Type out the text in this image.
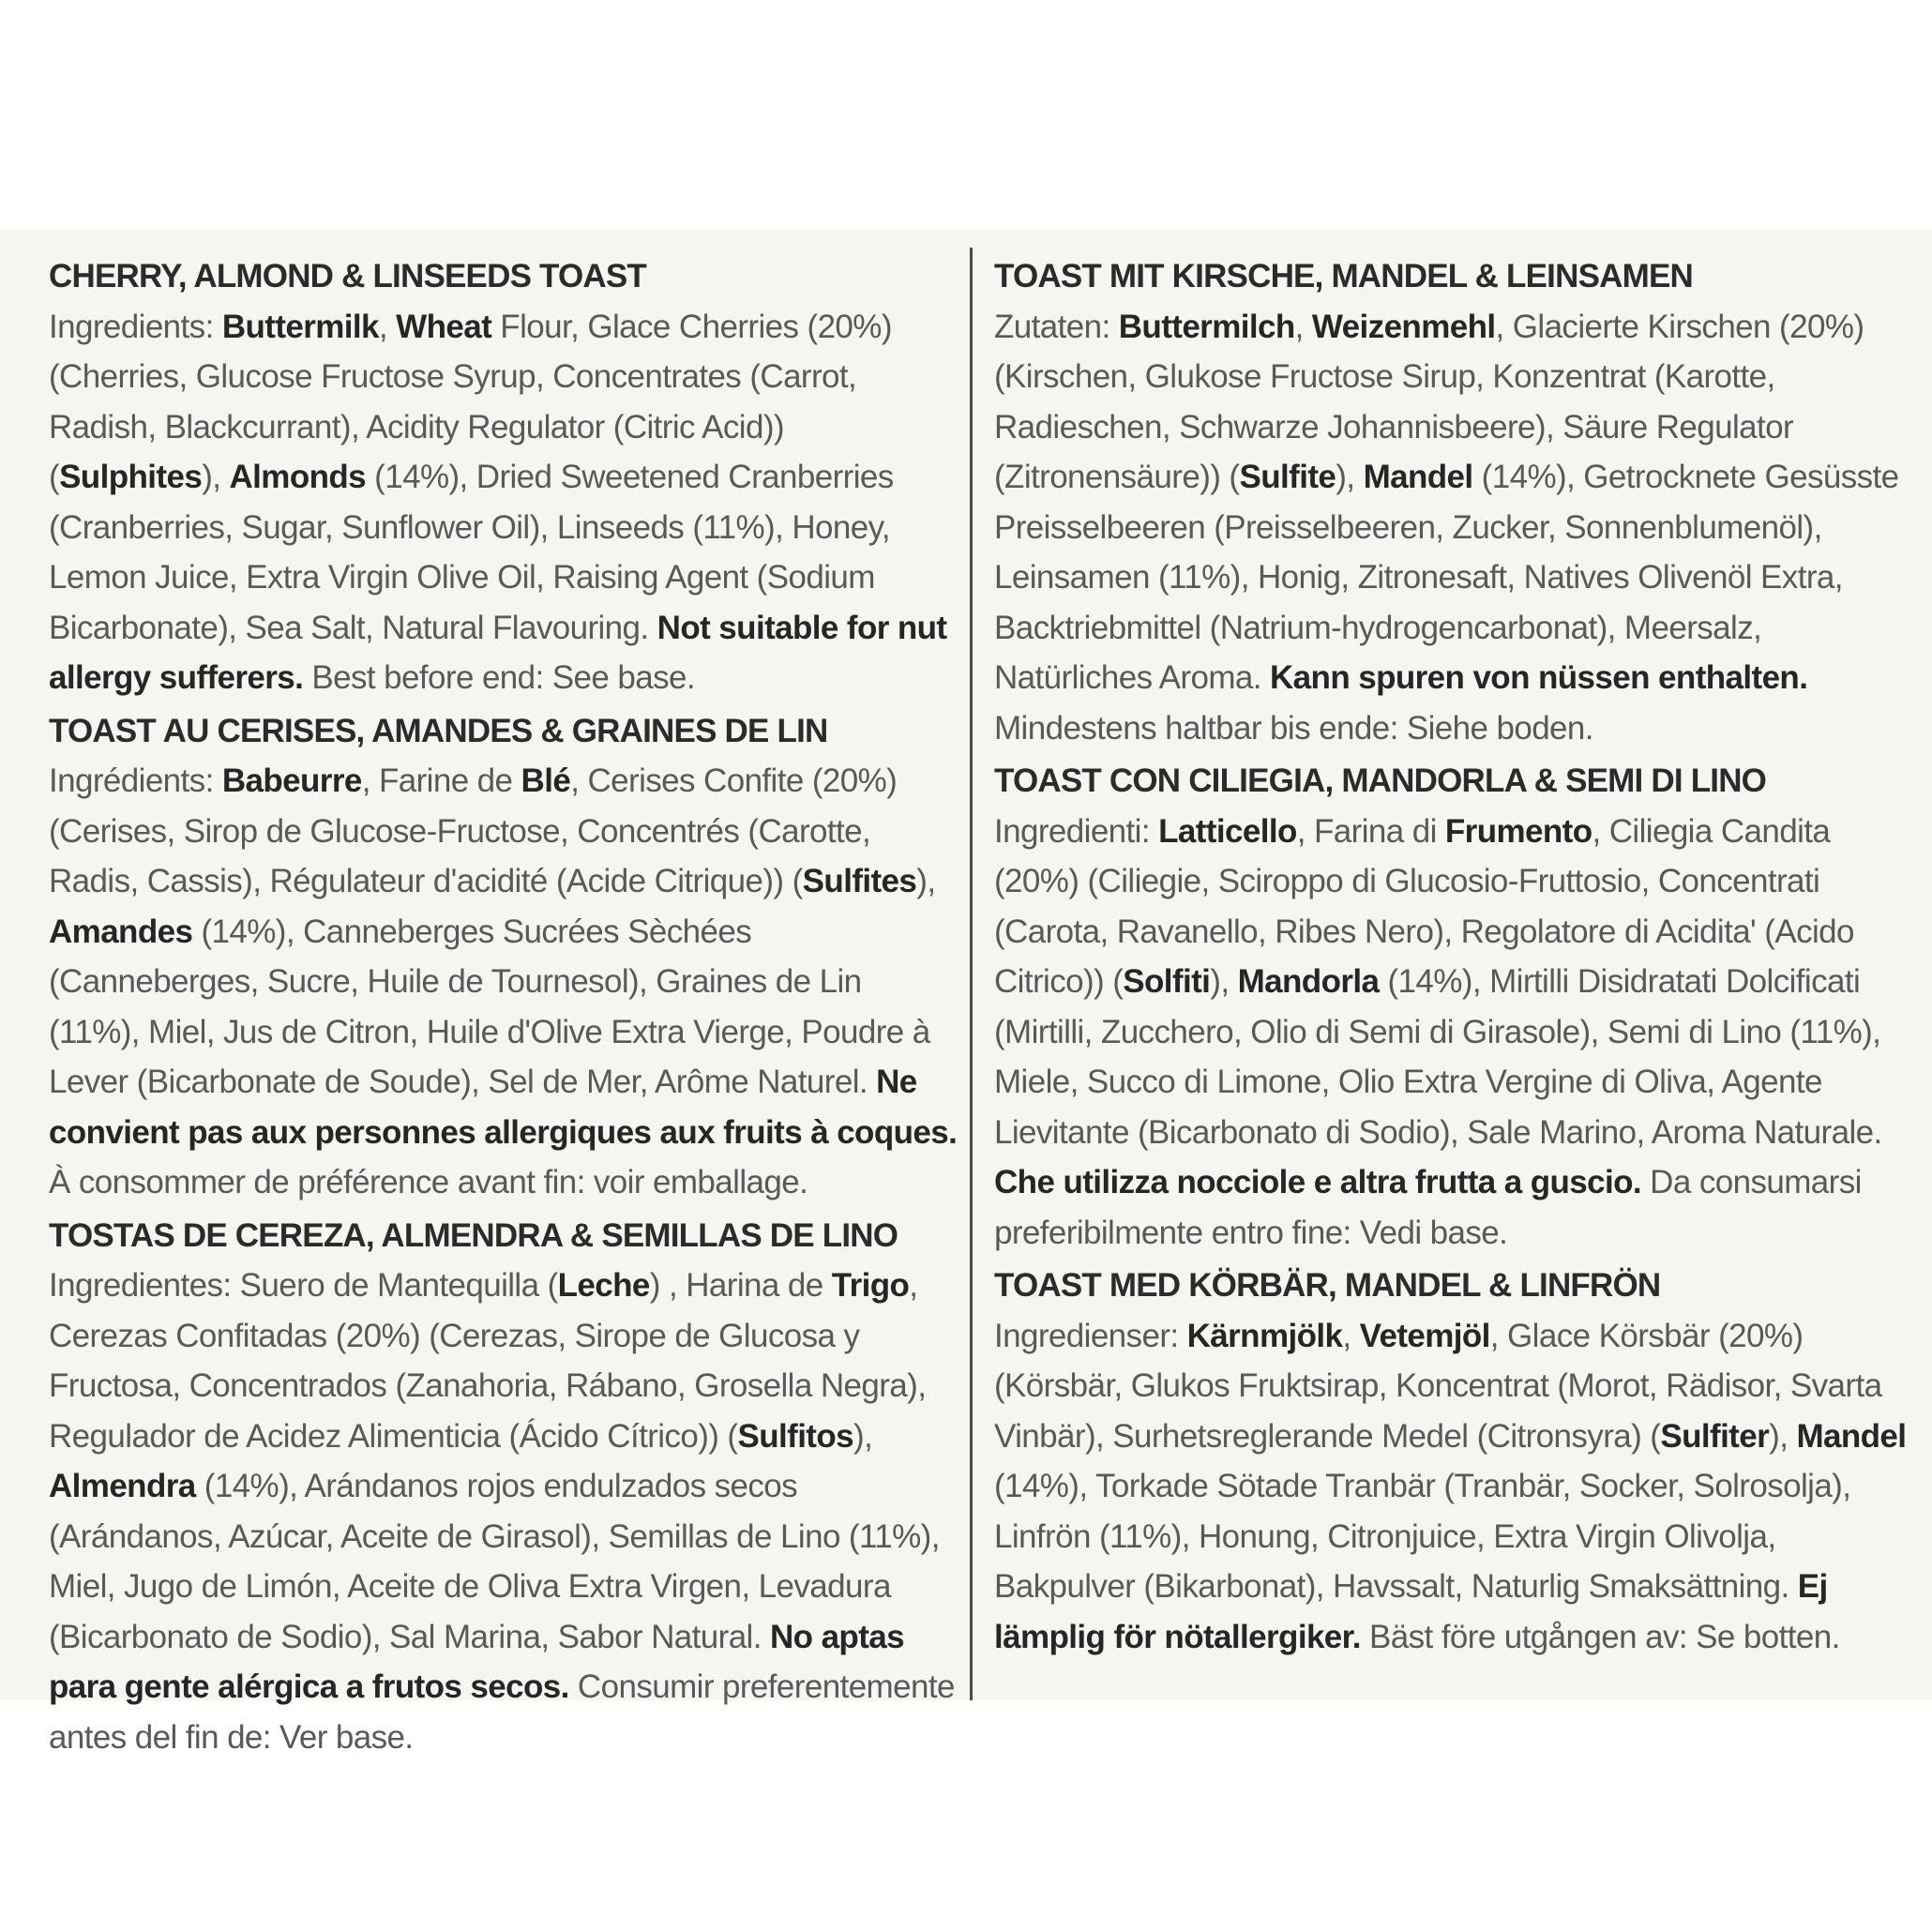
CHERRY, ALMOND & LINSEEDS TOAST

Ingredients: Buttermilk, Wheat Flour, Glace Cherries (20%) (Cherries, Glucose Fructose Syrup, Concentrates (Carrot, Radish, Blackcurrant), Acidity Regulator (Citric Acid)) (Sulphites), Almonds (14%), Dried Sweetened Cranberries (Cranberries, Sugar, Sunflower Oil), Linseeds (11%), Honey, Lemon Juice, Extra Virgin Olive Oil, Raising Agent (Sodium Bicarbonate), Sea Salt, Natural Flavouring. Not suitable for nut allergy sufferers. Best before end: See base.

TOAST AU CERISES, AMANDES & GRAINES DE LIN

Ingrédients: Babeurre, Farine de Blé, Cerises Confite (20%) (Cerises, Sirop de Glucose-Fructose, Concentrés (Carotte, Radis, Cassis), Régulateur d'acidité (Acide Citrique)) (Sulfites), Amandes (14%), Canneberges Sucrées Sèchées (Canneberges, Sucre, Huile de Tournesol), Graines de Lin (11%), Miel, Jus de Citron, Huile d'Olive Extra Vierge, Poudre à Lever (Bicarbonate de Soude), Sel de Mer, Arôme Naturel. Ne convient pas aux personnes allergiques aux fruits à coques. À consommer de préférence avant fin: voir emballage.

TOSTAS DE CEREZA, ALMENDRA & SEMILLAS DE LINO

Ingredientes: Suero de Mantequilla (Leche) , Harina de Trigo, Cerezas Confitadas (20%) (Cerezas, Sirope de Glucosa y Fructosa, Concentrados (Zanahoria, Rábano, Grosella Negra), Regulador de Acidez Alimenticia (Ácido Cítrico)) (Sulfitos), Almendra (14%), Arándanos rojos endulzados secos (Arándanos, Azúcar, Aceite de Girasol), Semillas de Lino (11%), Miel, Jugo de Limón, Aceite de Oliva Extra Virgen, Levadura (Bicarbonato de Sodio), Sal Marina, Sabor Natural. No aptas para gente alérgica a frutos secos. Consumir preferentemente antes del fin de: Ver base.

TOAST MIT KIRSCHE, MANDEL & LEINSAMEN

Zutaten: Buttermilch, Weizenmehl, Glacierte Kirschen (20%) (Kirschen, Glukose Fructose Sirup, Konzentrat (Karotte, Radieschen, Schwarze Johannisbeere), Säure Regulator (Zitronensäure)) (Sulfite), Mandel (14%), Getrocknete Gesüsste Preisselbeeren (Preisselbeeren, Zucker, Sonnenblumenöl), Leinsamen (11%), Honig, Zitronesaft, Natives Olivenöl Extra, Backtriebmittel (Natrium-hydrogencarbonat), Meersalz, Natürliches Aroma. Kann spuren von nüssen enthalten. Mindestens haltbar bis ende: Siehe boden.

TOAST CON CILIEGIA, MANDORLA & SEMI DI LINO

Ingredienti: Latticello, Farina di Frumento, Ciliegia Candita (20%) (Ciliegie, Sciroppo di Glucosio-Fruttosio, Concentrati (Carota, Ravanello, Ribes Nero), Regolatore di Acidita' (Acido Citrico)) (Solfiti), Mandorla (14%), Mirtilli Disidratati Dolcificati (Mirtilli, Zucchero, Olio di Semi di Girasole), Semi di Lino (11%), Miele, Succo di Limone, Olio Extra Vergine di Oliva, Agente Lievitante (Bicarbonato di Sodio), Sale Marino, Aroma Naturale. Che utilizza nocciole e altra frutta a guscio. Da consumarsi preferibilmente entro fine: Vedi base.

TOAST MED KÖRBÄR, MANDEL & LINFRÖN

Ingredienser: Kärnmjölk, Vetemjöl, Glace Körsbär (20%) (Körsbär, Glukos Fruktsirap, Koncentrat (Morot, Rädisor, Svarta Vinbär), Surhetsreglerande Medel (Citronsyra) (Sulfiter), Mandel (14%), Torkade Sötade Tranbär (Tranbär, Socker, Solrosolja), Linfrön (11%), Honung, Citronjuice, Extra Virgin Olivolja, Bakpulver (Bikarbonat), Havssalt, Naturlig Smaksättning. Ej lämplig för nötallergiker. Bäst före utgången av: Se botten.
